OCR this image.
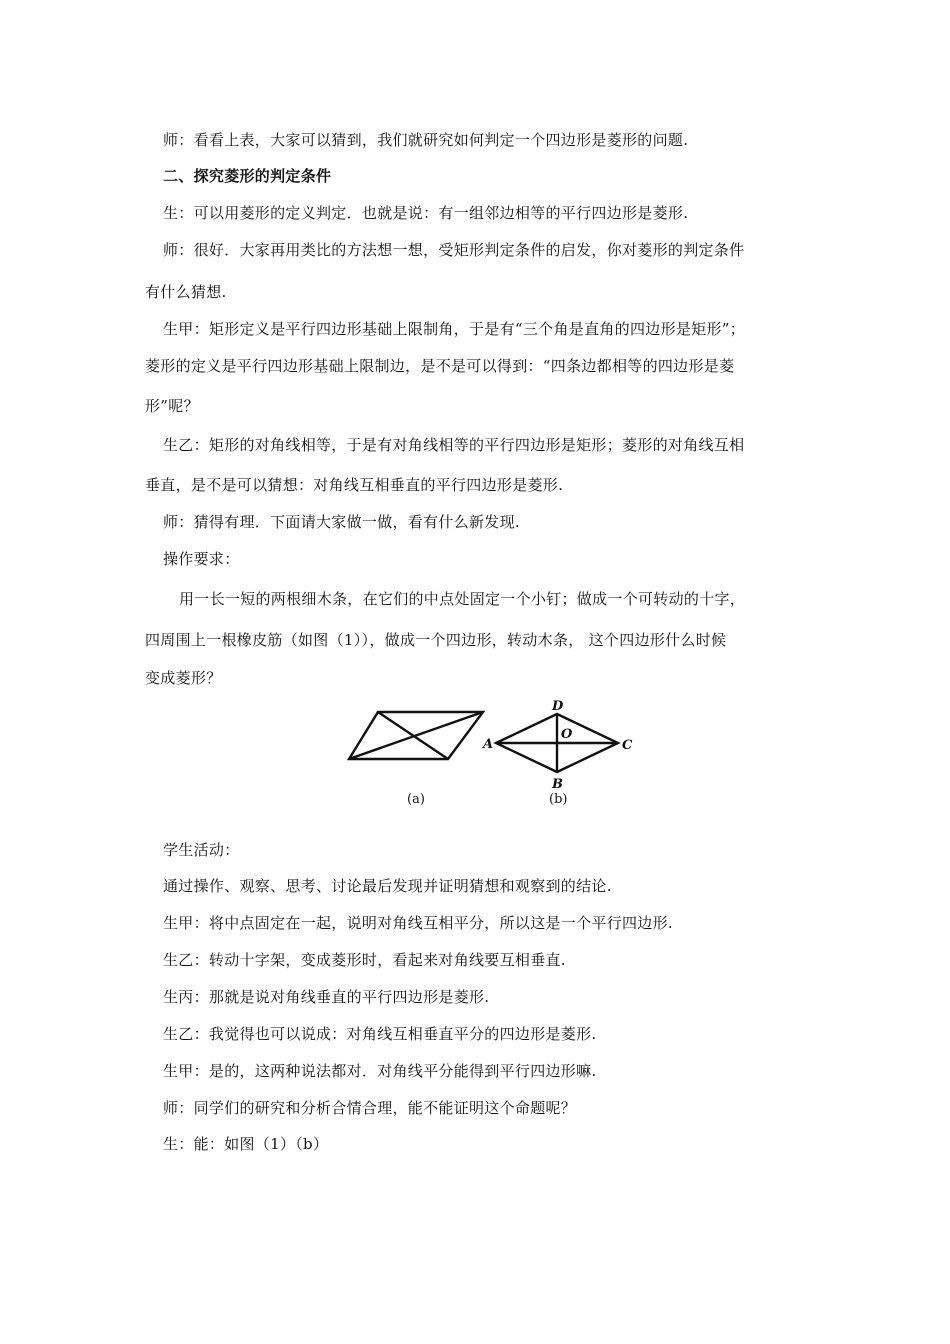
师：看看上表，大家可以猜到，我们就研究如何判定一个四边形是菱形的问题.
二、探究菱形的判定条件
生：可以用菱形的定义判定．也就是说：有一组邻边相等的平行四边形是菱形.
师：很好．大家再用类比的方法想一想，受矩形判定条件的启发，你对菱形的判定条件
有什么猜想.
生甲：矩形定义是平行四边形基础上限制角，于是有“三个角是直角的四边形是矩形”；
菱形的定义是平行四边形基础上限制边，是不是可以得到：“四条边都相等的四边形是菱
形”呢？
生乙：矩形的对角线相等，于是有对角线相等的平行四边形是矩形；菱形的对角线互相
垂直，是不是可以猜想：对角线互相垂直的平行四边形是菱形.
师：猜得有理．下面请大家做一做，看有什么新发现.
操作要求：
用一长一短的两根细木条，在它们的中点处固定一个小钉；做成一个可转动的十字，
四周围上一根橡皮筋（如图（1）），做成一个四边形，转动木条， 这个四边形什么时候
变成菱形？
D
O
A	C
B
(a)	(b)
学生活动：
通过操作、观察、思考、讨论最后发现并证明猜想和观察到的结论.
生甲：将中点固定在一起，说明对角线互相平分，所以这是一个平行四边形.
生乙：转动十字架，变成菱形时，看起来对角线要互相垂直.
生丙：那就是说对角线垂直的平行四边形是菱形.
生乙：我觉得也可以说成：对角线互相垂直平分的四边形是菱形.
生甲：是的，这两种说法都对．对角线平分能得到平行四边形嘛.
师：同学们的研究和分析合情合理，能不能证明这个命题呢？
生：能：如图（1）（b）
